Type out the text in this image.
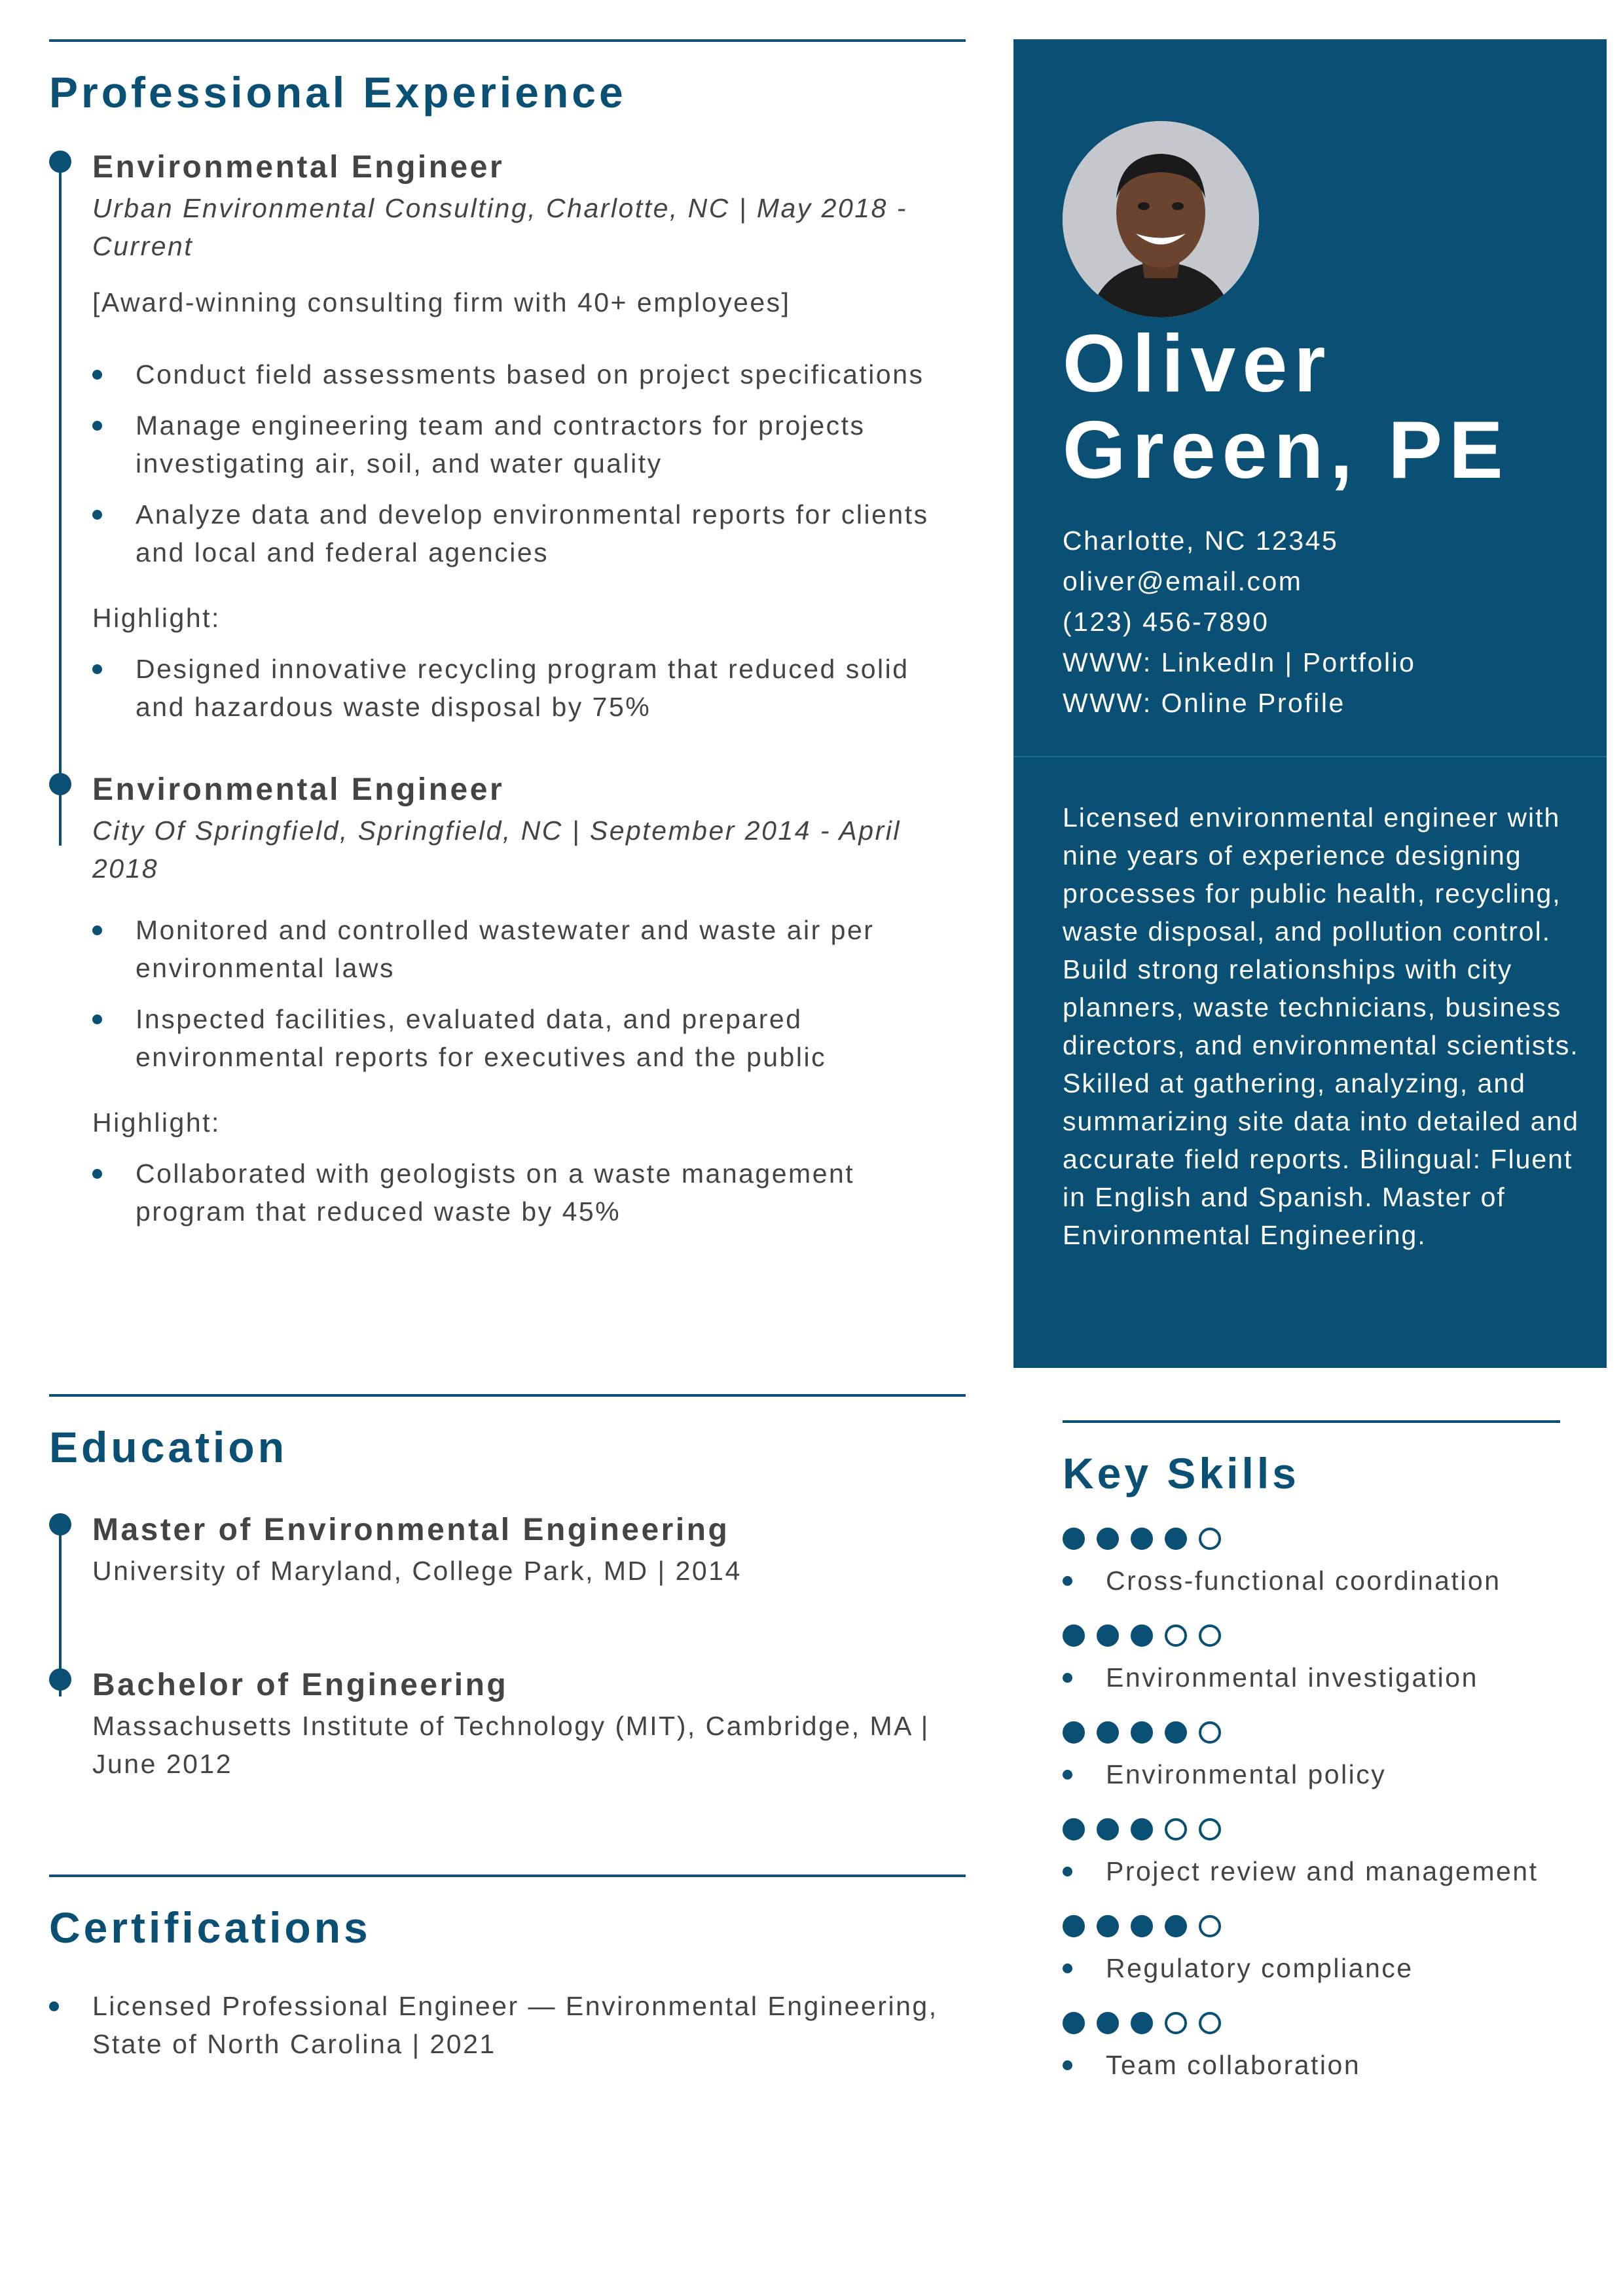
Professional Experience
Environmental Engineer
Urban Environmental Consulting, Charlotte, NC | May 2018 - Current
[Award-winning consulting firm with 40+ employees]
Conduct field assessments based on project specifications
Manage engineering team and contractors for projects investigating air, soil, and water quality
Analyze data and develop environmental reports for clients and local and federal agencies
Highlight:
Designed innovative recycling program that reduced solid and hazardous waste disposal by 75%
Environmental Engineer
City Of Springfield, Springfield, NC | September 2014 - April 2018
Monitored and controlled wastewater and waste air per environmental laws
Inspected facilities, evaluated data, and prepared environmental reports for executives and the public
Highlight:
Collaborated with geologists on a waste management program that reduced waste by 45%
Education
Master of Environmental Engineering
University of Maryland, College Park, MD | 2014
Bachelor of Engineering
Massachusetts Institute of Technology (MIT), Cambridge, MA | June 2012
Certifications
Licensed Professional Engineer — Environmental Engineering, State of North Carolina | 2021
Oliver
Green, PE
Charlotte, NC 12345
oliver@email.com
(123) 456-7890
WWW: LinkedIn | Portfolio
WWW: Online Profile
Licensed environmental engineer with nine years of experience designing processes for public health, recycling, waste disposal, and pollution control. Build strong relationships with city planners, waste technicians, business directors, and environmental scientists. Skilled at gathering, analyzing, and summarizing site data into detailed and accurate field reports. Bilingual: Fluent in English and Spanish. Master of Environmental Engineering.
Key Skills
Cross-functional coordination
Environmental investigation
Environmental policy
Project review and management
Regulatory compliance
Team collaboration
